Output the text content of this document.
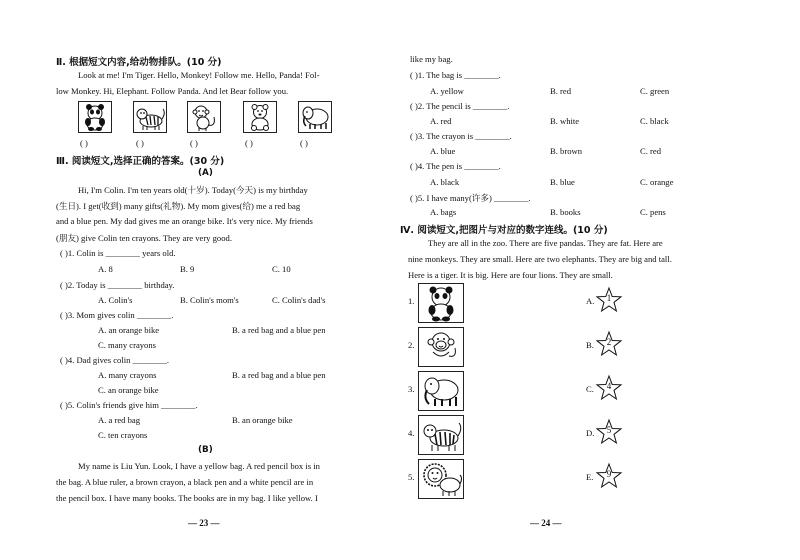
Ⅱ. 根据短文内容,给动物排队。(10 分)
Look at me! I'm Tiger. Hello, Monkey! Follow me. Hello, Panda! Fol-
low Monkey. Hi, Elephant. Follow Panda. And let Bear follow you.
( )	( )	( )	( )	( )
Ⅲ. 阅读短文,选择正确的答案。(30 分)
(A)
Hi, I'm Colin. I'm ten years old(十岁). Today(今天) is my birthday
(生日). I get(收到) many gifts(礼物). My mom gives(给) me a red bag
and a blue pen. My dad gives me an orange bike. It's very nice. My friends
(朋友) give Colin ten crayons. They are very good.
( )1. Colin is ________ years old.
A. 8	B. 9	C. 10
( )2. Today is ________ birthday.
A. Colin's	B. Colin's mom's	C. Colin's dad's
( )3. Mom gives colin ________.
A. an orange bike	B. a red bag and a blue pen
C. many crayons
( )4. Dad gives colin ________.
A. many crayons	B. a red bag and a blue pen
C. an orange bike
( )5. Colin's friends give him ________.
A. a red bag	B. an orange bike
C. ten crayons
(B)
My name is Liu Yun. Look, I have a yellow bag. A red pencil box is in
the bag. A blue ruler, a brown crayon, a black pen and a white pencil are in
the pencil box. I have many books. The books are in my bag. I like yellow. I
— 23 —
like my bag.
( )1. The bag is ________.
A. yellow	B. red	C. green
( )2. The pencil is ________.
A. red	B. white	C. black
( )3. The crayon is ________.
A. blue	B. brown	C. red
( )4. The pen is ________.
A. black	B. blue	C. orange
( )5. I have many(许多) ________.
A. bags	B. books	C. pens
Ⅳ. 阅读短文,把图片与对应的数字连线。(10 分)
They are all in the zoo. There are five pandas. They are fat. Here are
nine monkeys. They are small. Here are two elephants. They are big and tall.
Here is a tiger. It is big. Here are four lions. They are small.
1.
2.
3.
4.
5.
A.	1
B.	2
C.	4
D.	5
E.	9
— 24 —
